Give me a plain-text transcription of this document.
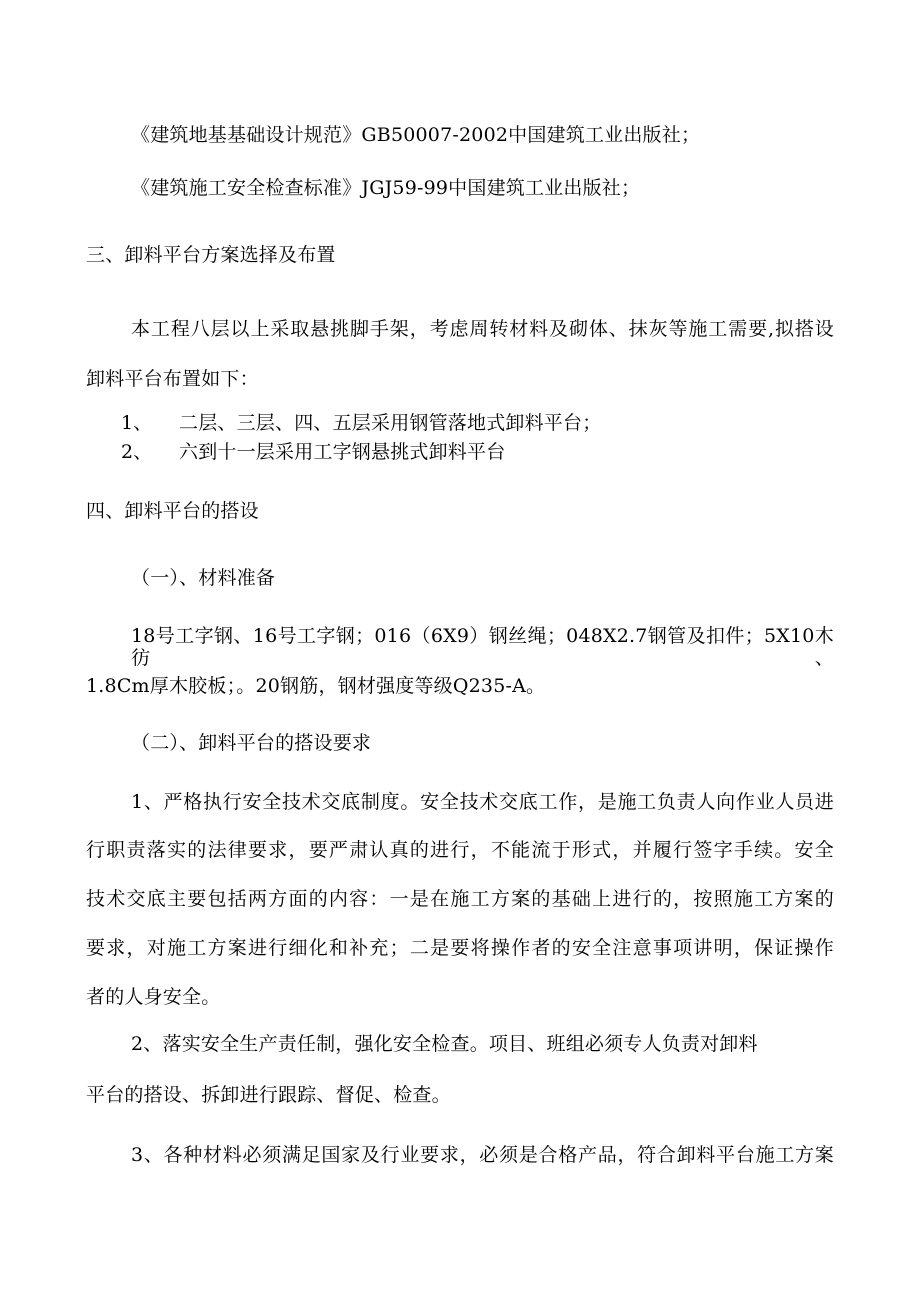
《建筑地基基础设计规范》GB50007-2002中国建筑工业出版社；
《建筑施工安全检查标准》JGJ59-99中国建筑工业出版社；
三、卸料平台方案选择及布置
本工程八层以上采取悬挑脚手架，考虑周转材料及砌体、抹灰等施工需要,拟搭设
卸料平台布置如下：
1、 二层、三层、四、五层采用钢管落地式卸料平台；
2、 六到十一层采用工字钢悬挑式卸料平台
四、卸料平台的搭设
（一）、材料准备
18号工字钢、16号工字钢；016（6X9）钢丝绳；048X2.7钢管及扣件；5X10木彷、
1.8Cm厚木胶板；。20钢筋，钢材强度等级Q235-A。
（二）、卸料平台的搭设要求
1、严格执行安全技术交底制度。安全技术交底工作，是施工负责人向作业人员进
行职责落实的法律要求，要严肃认真的进行，不能流于形式，并履行签字手续。安全
技术交底主要包括两方面的内容：一是在施工方案的基础上进行的，按照施工方案的
要求，对施工方案进行细化和补充；二是要将操作者的安全注意事项讲明，保证操作
者的人身安全。
2、落实安全生产责任制，强化安全检查。项目、班组必须专人负责对卸料
平台的搭设、拆卸进行跟踪、督促、检查。
3、各种材料必须满足国家及行业要求，必须是合格产品，符合卸料平台施工方案
